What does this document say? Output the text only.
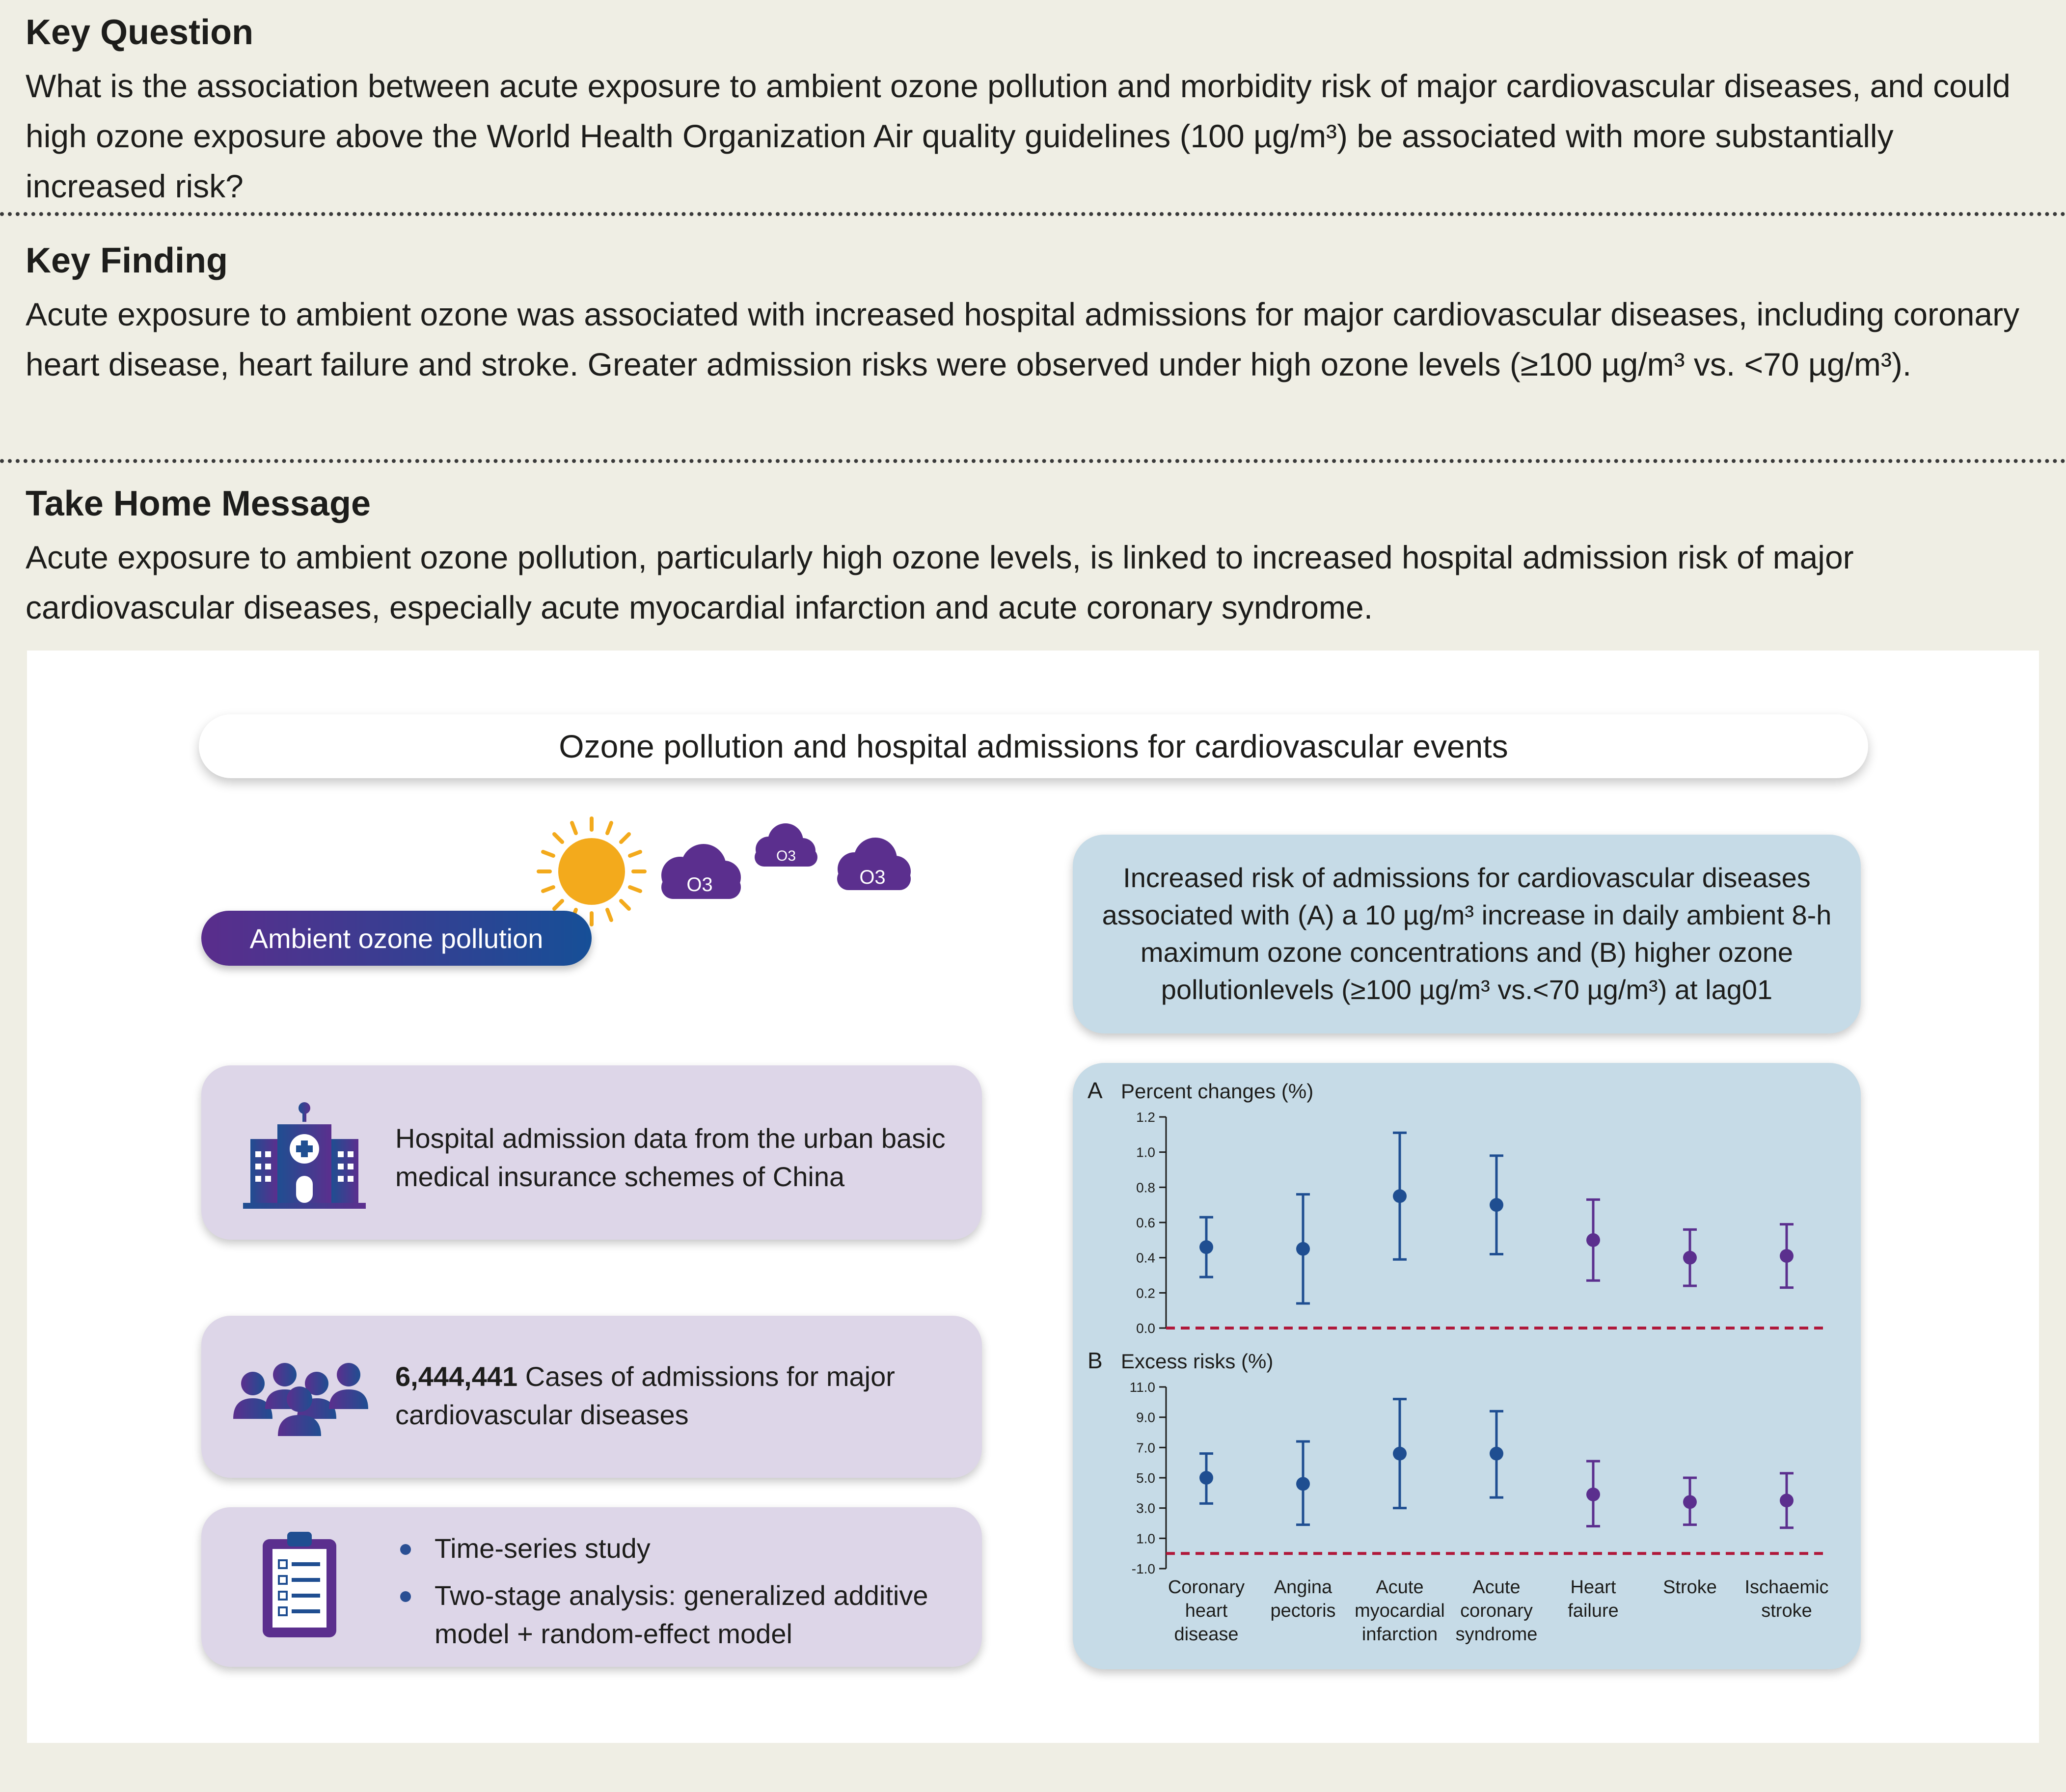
Key Question
What is the association between acute exposure to ambient ozone pollution and morbidity risk of major cardiovascular diseases, and could high ozone exposure above the World Health Organization Air quality guidelines (100 µg/m³) be associated with more substantially increased risk?
Key Finding
Acute exposure to ambient ozone was associated with increased hospital admissions for major cardiovascular diseases, including coronary heart disease, heart failure and stroke. Greater admission risks were observed under high ozone levels (≥100 µg/m³ vs. <70 µg/m³).
Take Home Message
Acute exposure to ambient ozone pollution, particularly high ozone levels, is linked to increased hospital admission risk of major cardiovascular diseases, especially acute myocardial infarction and acute coronary syndrome.
Ozone pollution and hospital admissions for cardiovascular events
O3
O3
O3
Ambient ozone pollution
Hospital admission data from the urban basic medical insurance schemes of China
6,444,441 Cases of admissions for major cardiovascular diseases
Time-series study
Two-stage analysis: generalized additive model + random-effect model
Increased risk of admissions for cardiovascular diseases associated with (A) a 10 µg/m³ increase in daily ambient 8-h maximum ozone concentrations and (B) higher ozone pollutionlevels (≥100 µg/m³ vs.<70 µg/m³) at lag01
A Percent changes (%)
0.0
0.2
0.4
0.6
0.8
1.0
1.2
B Excess risks (%)
-1.0
1.0
3.0
5.0
7.0
9.0
11.0
Coronary
heart
disease
Angina
pectoris
Acute
myocardial
infarction
Acute
coronary
syndrome
Heart
failure
Stroke Ischaemic
stroke
